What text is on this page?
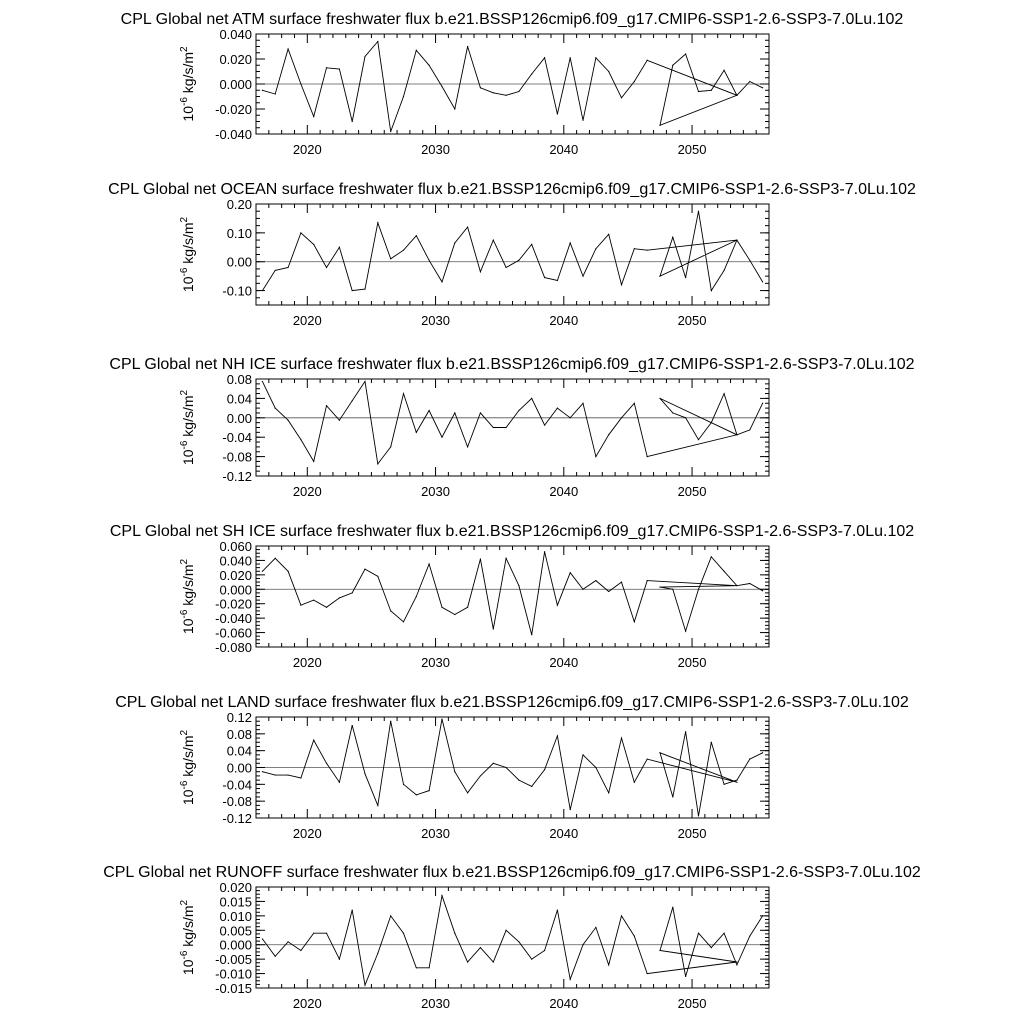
CPL Global net ATM surface freshwater flux b.e21.BSSP126cmip6.f09_g17.CMIP6-SSP1-2.6-SSP3-7.0Lu.102
-0.040
-0.020
0.000
0.020
0.040
2020	2030	2040	2050
$10^{-6}$ $kg/s/m^2$
CPL Global net OCEAN surface freshwater flux b.e21.BSSP126cmip6.f09_g17.CMIP6-SSP1-2.6-SSP3-7.0Lu.102
-0.10
0.00
0.10
0.20
2020	2030	2040	2050
$10^{-6}$ $kg/s/m^2$
CPL Global net NH ICE surface freshwater flux b.e21.BSSP126cmip6.f09_g17.CMIP6-SSP1-2.6-SSP3-7.0Lu.102
-0.12
-0.08
-0.04
0.00
0.04
0.08
2020	2030	2040	2050
$10^{-6}$ $kg/s/m^2$
CPL Global net SH ICE surface freshwater flux b.e21.BSSP126cmip6.f09_g17.CMIP6-SSP1-2.6-SSP3-7.0Lu.102
-0.080
-0.060
-0.040
-0.020
0.000
0.020
0.040
0.060
2020	2030	2040	2050
$10^{-6}$ $kg/s/m^2$
CPL Global net LAND surface freshwater flux b.e21.BSSP126cmip6.f09_g17.CMIP6-SSP1-2.6-SSP3-7.0Lu.102
-0.12
-0.08
-0.04
0.00
0.04
0.08
0.12
2020	2030	2040	2050
$10^{-6}$ $kg/s/m^2$
CPL Global net RUNOFF surface freshwater flux b.e21.BSSP126cmip6.f09_g17.CMIP6-SSP1-2.6-SSP3-7.0Lu.102
-0.015
-0.010
-0.005
0.000
0.005
0.010
0.015
0.020
2020	2030	2040	2050
$10^{-6}$ $kg/s/m^2$
